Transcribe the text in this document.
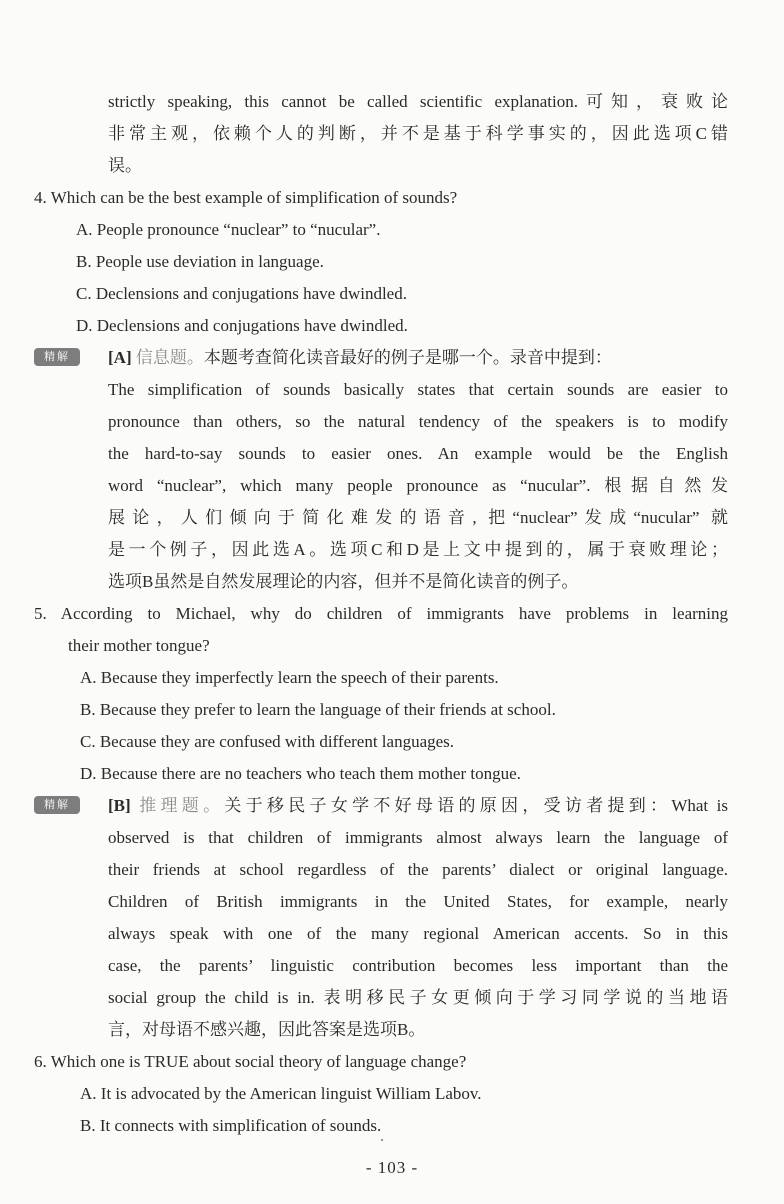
strictly speaking, this cannot be called scientific explanation.可知，衰败论
非常主观，依赖个人的判断，并不是基于科学事实的，因此选项C错
误。
4. Which can be the best example of simplification of sounds?
A. People pronounce “nuclear” to “nucular”.
B. People use deviation in language.
C. Declensions and conjugations have dwindled.
D. Declensions and conjugations have dwindled.
精解	[A] 信息题。本题考查简化读音最好的例子是哪一个。录音中提到：
The simplification of sounds basically states that certain sounds are easier to
pronounce than others, so the natural tendency of the speakers is to modify
the hard-to-say sounds to easier ones. An example would be the English
word “nuclear”, which many people pronounce as “nucular”. 根据自然发
展论，人们倾向于简化难发的语音, 把“nuclear”发成“nucular” 就
是一个例子，因此选A。选项C和D是上文中提到的，属于衰败理论；
选项B虽然是自然发展理论的内容，但并不是简化读音的例子。
5. According to Michael, why do children of immigrants have problems in learning
their mother tongue?
A. Because they imperfectly learn the speech of their parents.
B. Because they prefer to learn the language of their friends at school.
C. Because they are confused with different languages.
D. Because there are no teachers who teach them mother tongue.
精解	[B] 推理题。关于移民子女学不好母语的原因，受访者提到：What is
observed is that children of immigrants almost always learn the language of
their friends at school regardless of the parents’ dialect or original language.
Children of British immigrants in the United States, for example, nearly
always speak with one of the many regional American accents. So in this
case, the parents’ linguistic contribution becomes less important than the
social group the child is in. 表明移民子女更倾向于学习同学说的当地语
言，对母语不感兴趣，因此答案是选项B。
6. Which one is TRUE about social theory of language change?
A. It is advocated by the American linguist William Labov.
B. It connects with simplification of sounds.
- 103 -
